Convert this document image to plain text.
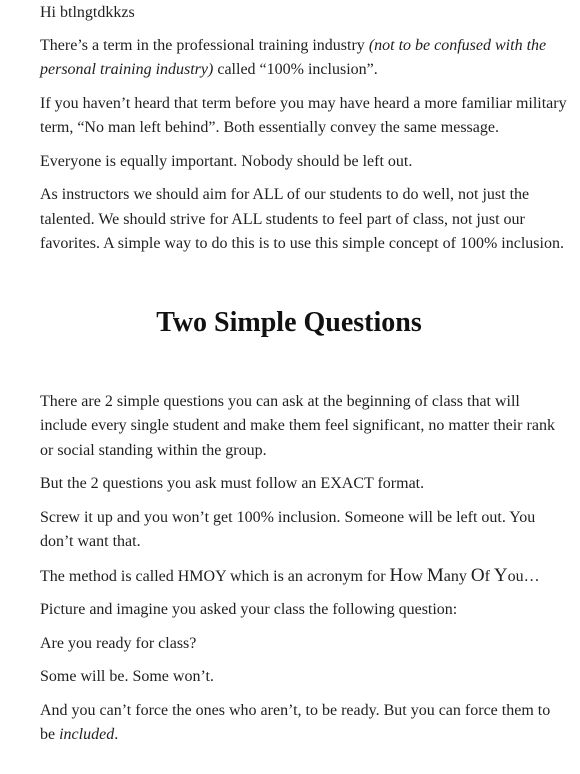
Hi btlngtdkkzs

There’s a term in the professional training industry (not to be confused with the personal training industry) called “100% inclusion”.

If you haven’t heard that term before you may have heard a more familiar military term, “No man left behind”. Both essentially convey the same message.

Everyone is equally important. Nobody should be left out.

As instructors we should aim for ALL of our students to do well, not just the talented. We should strive for ALL students to feel part of class, not just our favorites. A simple way to do this is to use this simple concept of 100% inclusion.

Two Simple Questions

There are 2 simple questions you can ask at the beginning of class that will include every single student and make them feel significant, no matter their rank or social standing within the group.

But the 2 questions you ask must follow an EXACT format.

Screw it up and you won’t get 100% inclusion. Someone will be left out. You don’t want that.

The method is called HMOY which is an acronym for How Many Of You…

Picture and imagine you asked your class the following question:

Are you ready for class?

Some will be. Some won’t.

And you can’t force the ones who aren’t, to be ready. But you can force them to be included.
